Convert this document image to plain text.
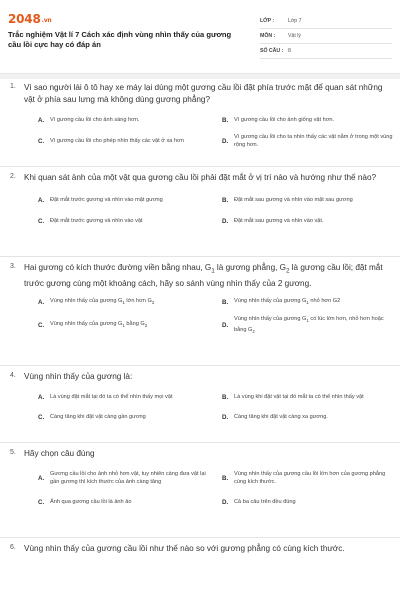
2048.vn
Trắc nghiệm Vật lí 7 Cách xác định vùng nhìn thấy của gương cầu lồi cực hay có đáp án
LỚP :	Lớp 7
MÔN :	Vật lý
SỐ CÂU : 8
1. Vì sao người lái ô tô hay xe máy lại dùng một gương cầu lồi đặt phía trước mặt để quan sát những vật ở phía sau lưng mà không dùng gương phẳng?
A.	Vì gương cầu lồi cho ảnh sáng hơn.	B.	Vì gương cầu lồi cho ảnh giống vật hơn.
C.	Vì gương cầu lồi cho phép nhìn thấy các vật ở xa hơn	D.
Vì gương cầu lồi cho ta nhìn thấy các vật nằm ở trong một vùng rộng hơn.
2. Khi quan sát ảnh của một vật qua gương cầu lồi phải đặt mắt ở vị trí nào và hướng như thế nào?
A.	Đặt mắt trước gương và nhìn vào mặt gương	B.	Đặt mắt sau gương và nhìn vào mặt sau gương
C.	Đặt mắt trước gương và nhìn vào vật	D.	Đặt mắt sau gương và nhìn vào vật.
3. Hai gương có kích thước đường viền bằng nhau, $G_1$ là gương phẳng, $G_2$ là gương cầu lồi; đặt mắt trước gương cùng một khoảng cách, hãy so sánh vùng nhìn thấy của 2 gương.
A.	Vùng nhìn thấy của gương $G_1$ lớn hơn $G_2$	B.	Vùng nhìn thấy của gương $G_1$ nhỏ hơn G2
C.	Vùng nhìn thấy của gương $G_1$ bằng $G_2$	D.
Vùng nhìn thấy của gương $G_1$ có lúc lớn hơn, nhỏ hơn hoặc bằng $G_2$
4. Vùng nhìn thấy của gương là:
A.	Là vùng đặt mắt tại đó ta có thể nhìn thấy mọi vật	B.	Là vùng khi đặt vật tại đó mắt ta có thể nhìn thấy vật
C.	Càng tăng khi đặt vật càng gần gương	D.	Càng tăng khi đặt vật càng xa gương.
5. Hãy chọn câu đúng
A.
Gương cầu lồi cho ảnh nhỏ hơn vật, tuy nhiên càng đưa vật lại gần gương thì kích thước của ảnh càng tăng
B.
Vùng nhìn thấy của gương cầu lồi lớn hơn của gương phẳng cùng kích thước.
C.	Ảnh qua gương cầu lồi là ảnh ảo	D.	Cả ba câu trên đều đúng
6. Vùng nhìn thấy của gương cầu lồi như thế nào so với gương phẳng có cùng kích thước.
